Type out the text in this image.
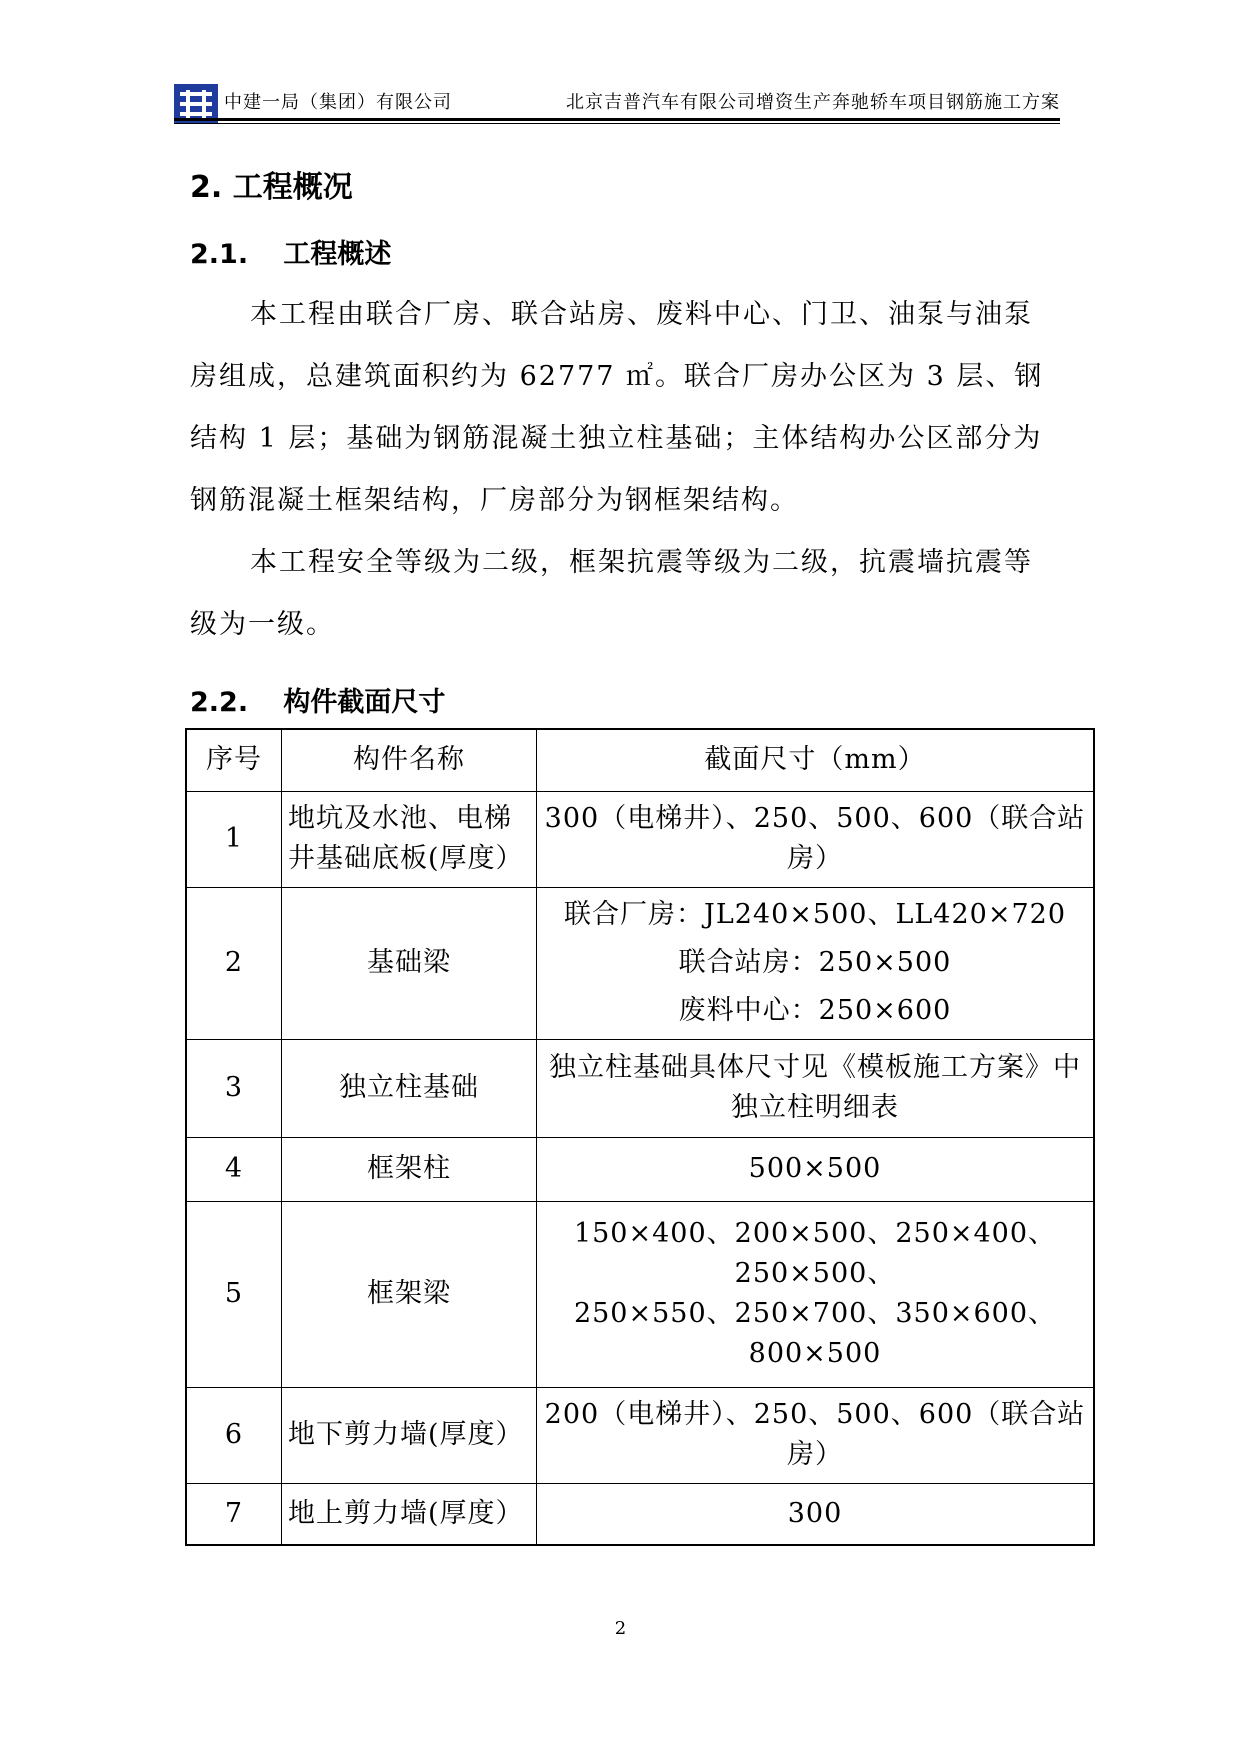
中建一局（集团）有限公司	北京吉普汽车有限公司增资生产奔驰轿车项目钢筋施工方案
2. 工程概况
2.1. 工程概述

本工程由联合厂房、联合站房、废料中心、门卫、油泵与油泵房组成，总建筑面积约为 62777 ㎡。联合厂房办公区为 3 层、钢结构 1 层；基础为钢筋混凝土独立柱基础；主体结构办公区部分为钢筋混凝土框架结构，厂房部分为钢框架结构。

本工程安全等级为二级，框架抗震等级为二级，抗震墙抗震等级为一级。

2.2. 构件截面尺寸
序号	构件名称	截面尺寸（mm）
1	地坑及水池、电梯井基础底板(厚度）	300（电梯井）、250、500、600（联合站房）

2	基础梁	联合厂房：JL240×500、LL420×720
联合站房：250×500
废料中心：250×600

3	独立柱基础	独立柱基础具体尺寸见《模板施工方案》中独立柱明细表

4	框架柱	500×500

5	框架梁	150×400、200×500、250×400、250×500、
250×550、250×700、350×600、800×500

6	地下剪力墙(厚度）	200（电梯井）、250、500、600（联合站房）

7	地上剪力墙(厚度）	300
2
